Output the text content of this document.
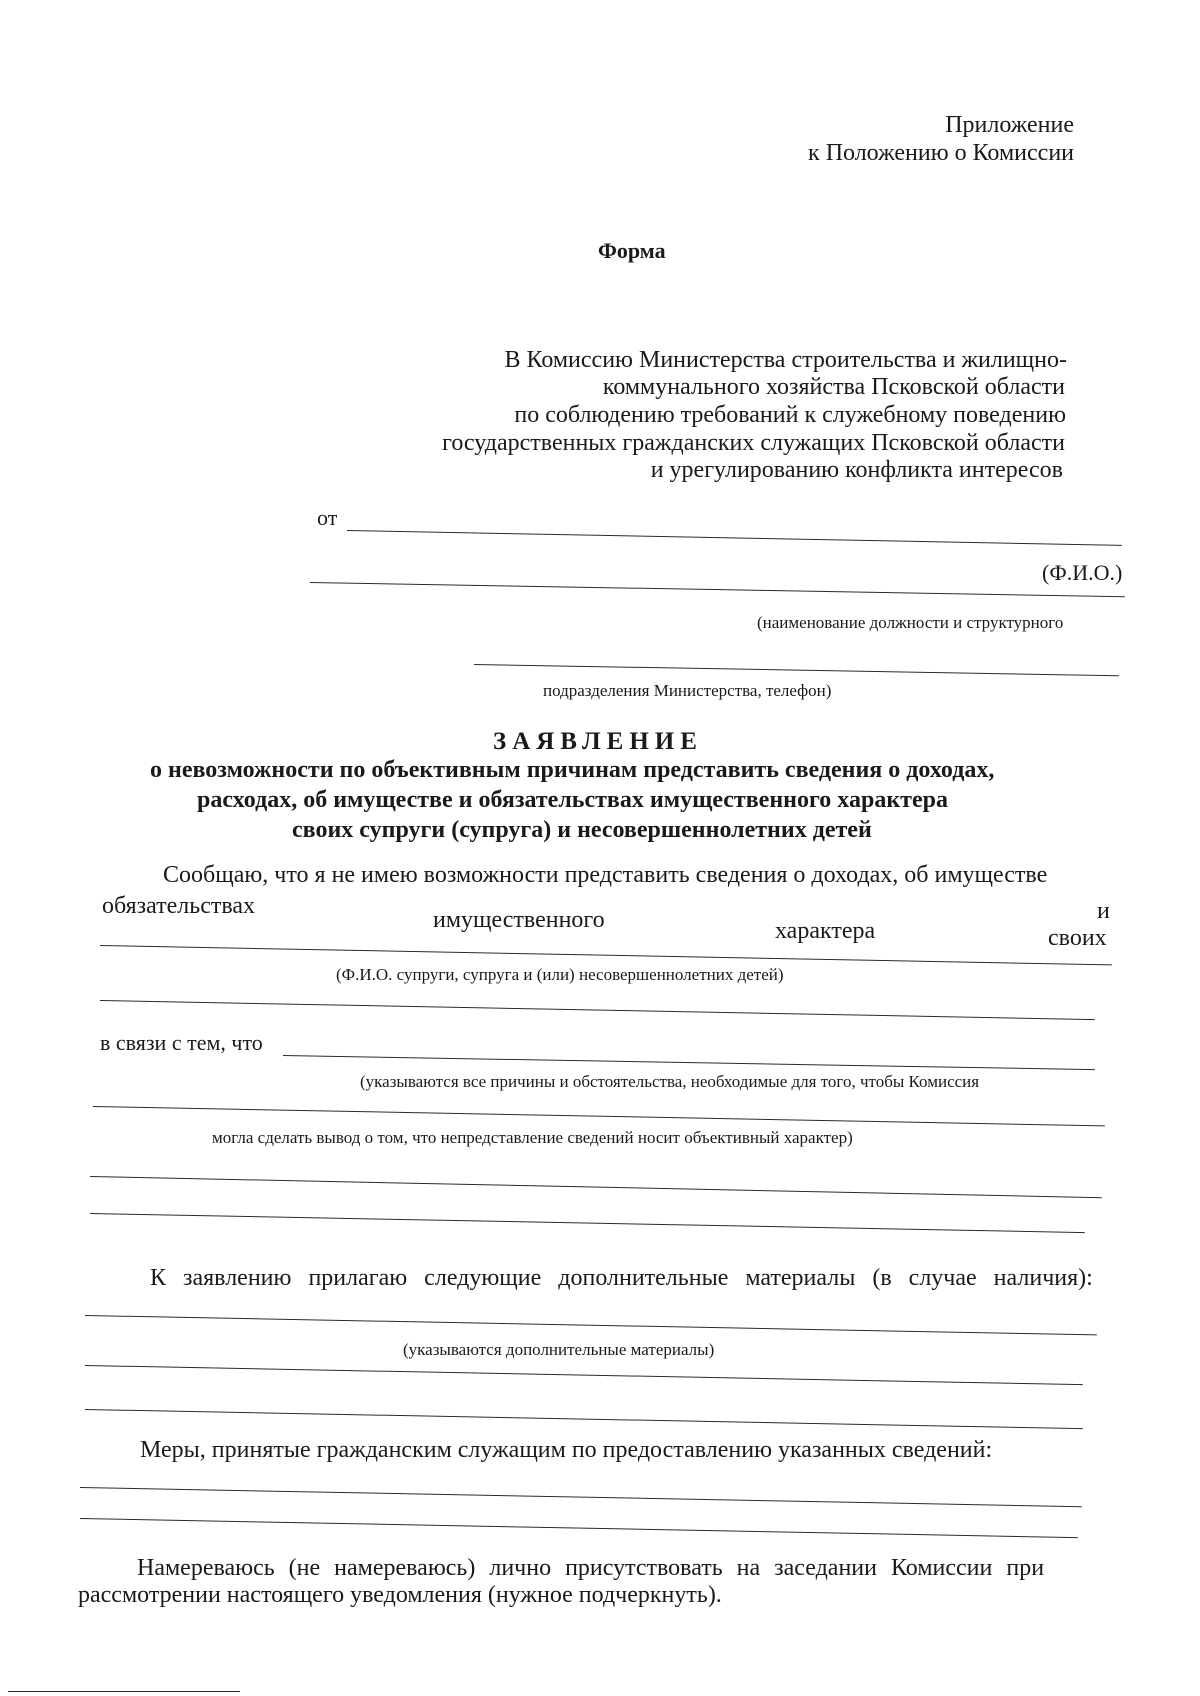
Приложение
к Положению о Комиссии
Форма
В Комиссию Министерства строительства и жилищно-
коммунального хозяйства Псковской области
по соблюдению требований к служебному поведению
государственных гражданских служащих Псковской области
и урегулированию конфликта интересов
от
(Ф.И.О.)
(наименование должности и структурного
подразделения Министерства, телефон)
ЗАЯВЛЕНИЕ
о невозможности по объективным причинам представить сведения о доходах,
расходах, об имуществе и обязательствах имущественного характера
своих супруги (супруга) и несовершеннолетних детей
Сообщаю, что я не имею возможности представить сведения о доходах, об имуществе
обязательствах
имущественного	характера
и
своих
(Ф.И.О. супруги, супруга и (или) несовершеннолетних детей)
в связи с тем, что
(указываются все причины и обстоятельства, необходимые для того, чтобы Комиссия
могла сделать вывод о том, что непредставление сведений носит объективный характер)
К заявлению прилагаю следующие дополнительные материалы (в случае наличия):
(указываются дополнительные материалы)
Меры, принятые гражданским служащим по предоставлению указанных сведений:
Намереваюсь (не намереваюсь) лично присутствовать на заседании Комиссии при
рассмотрении настоящего уведомления (нужное подчеркнуть).
